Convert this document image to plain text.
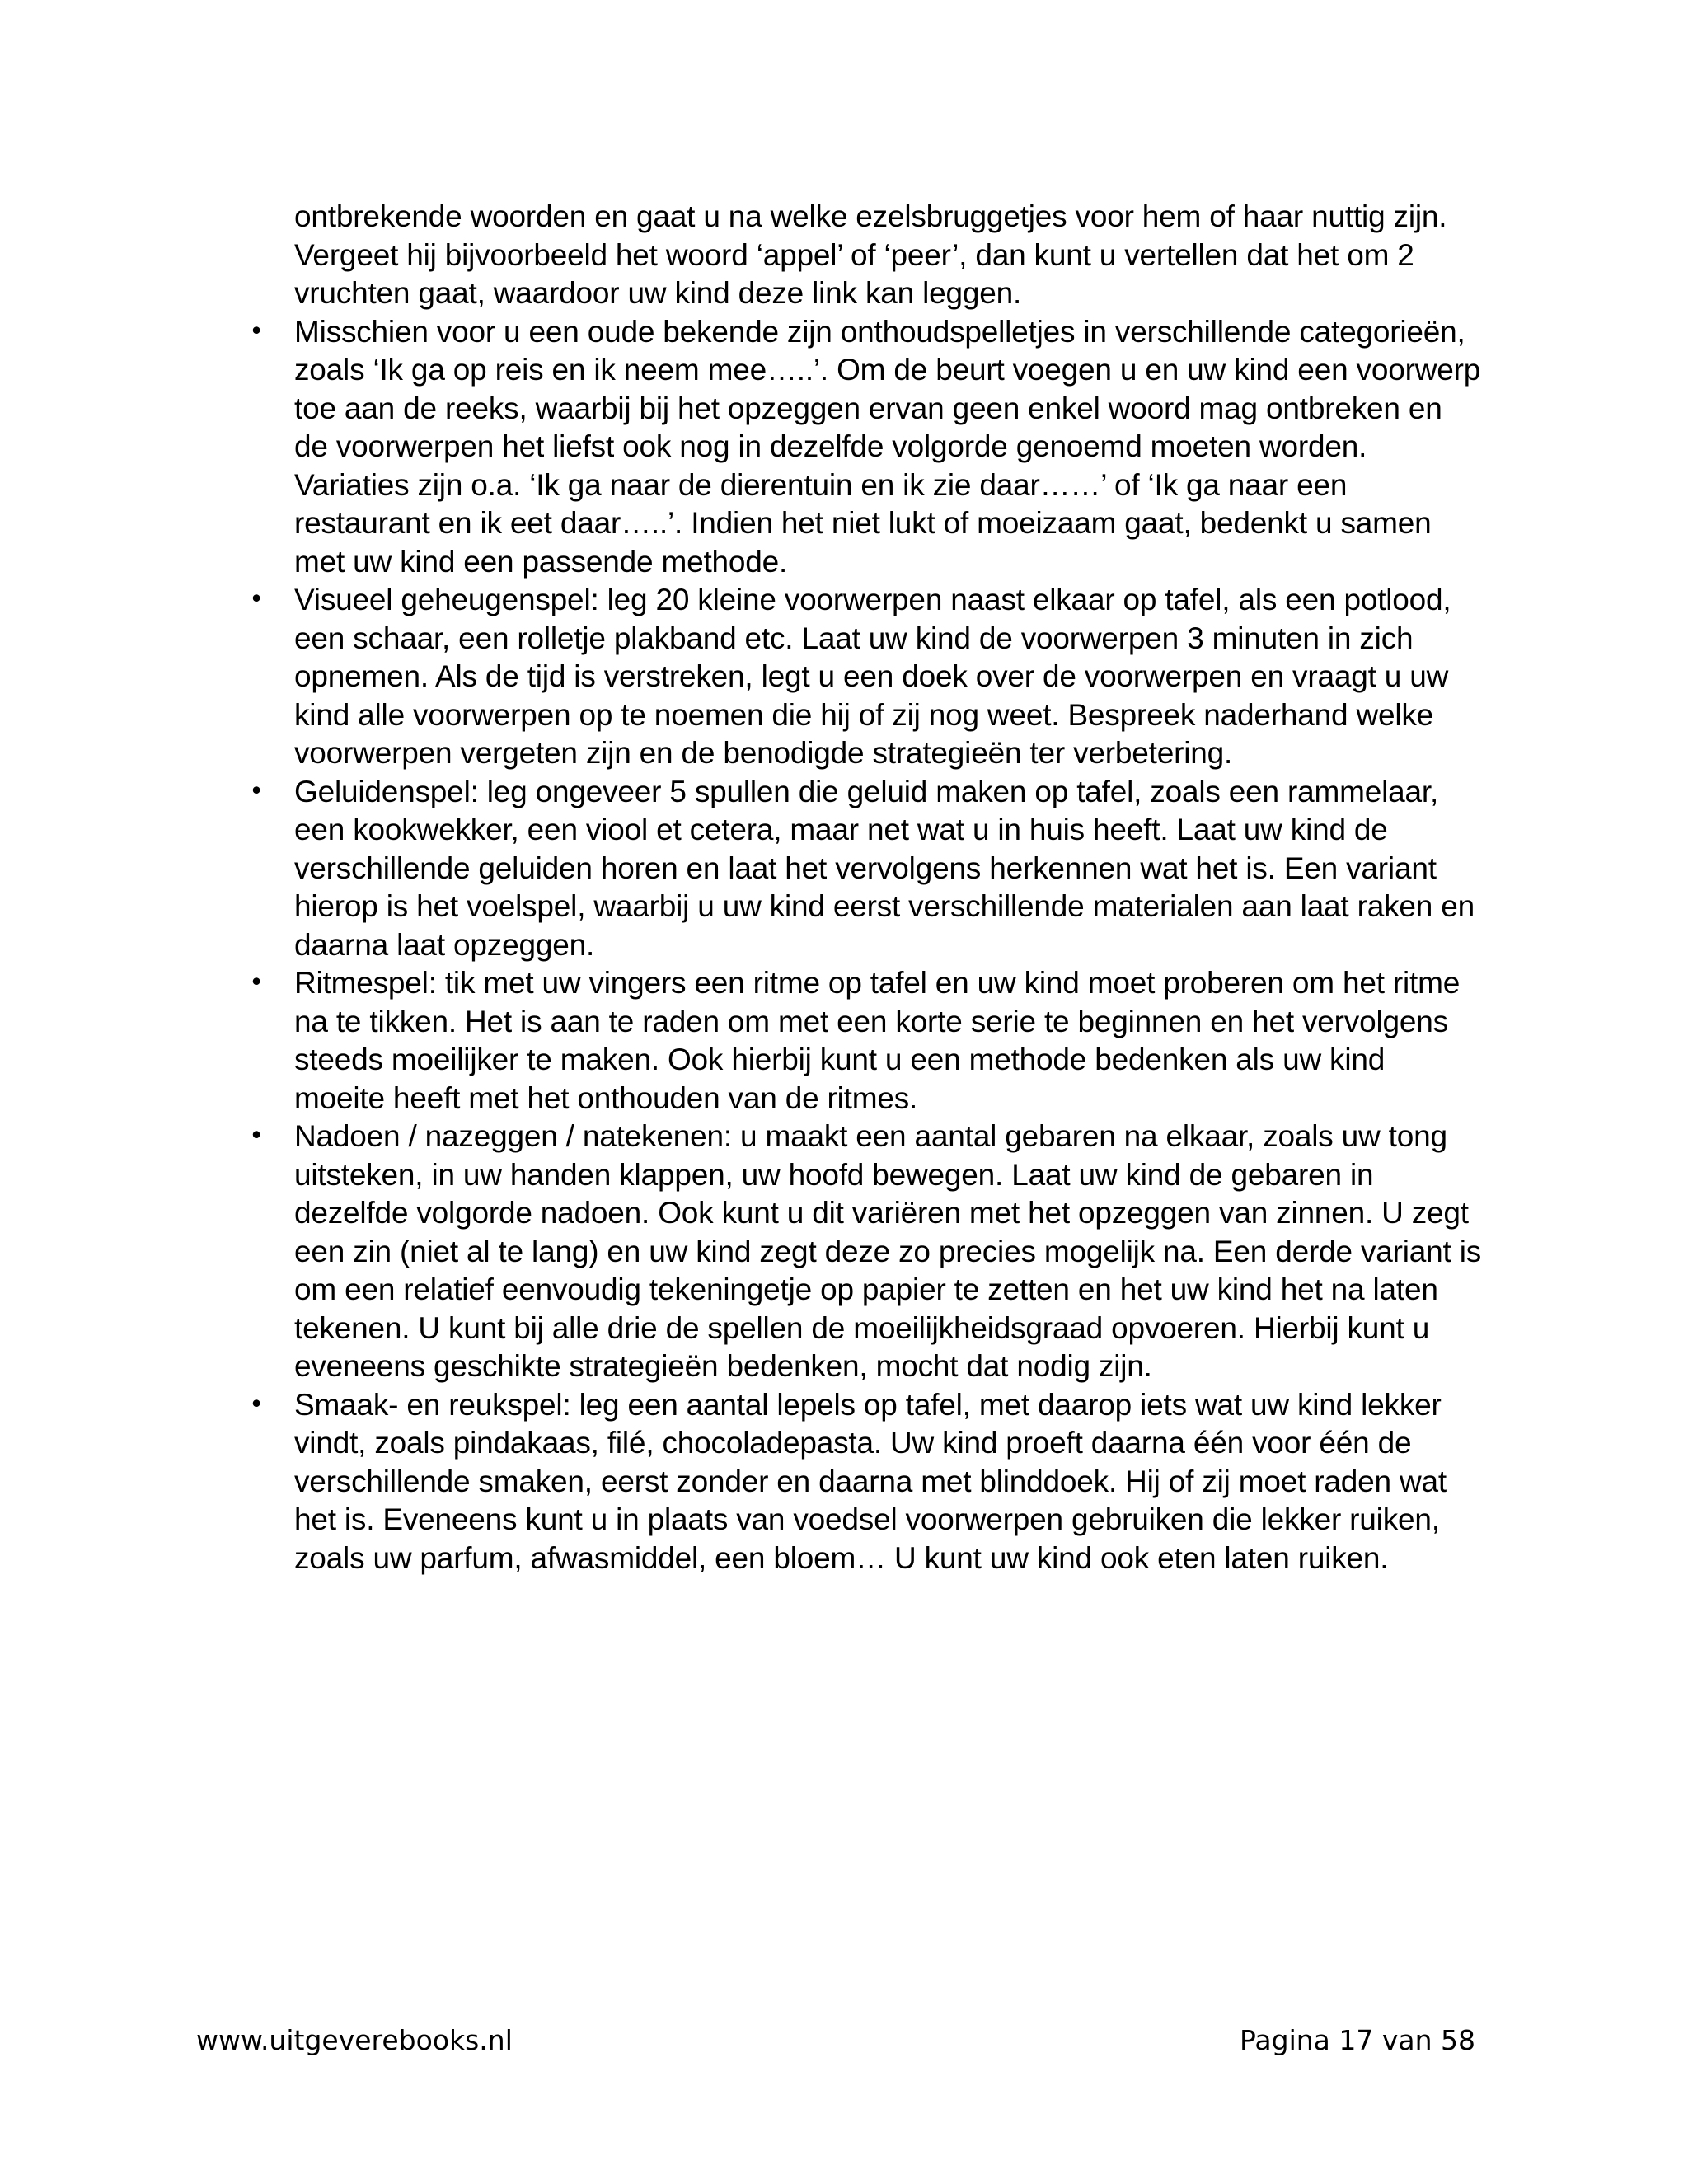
ontbrekende woorden en gaat u na welke ezelsbruggetjes voor hem of haar nuttig zijn. Vergeet hij bijvoorbeeld het woord ‘appel’ of ‘peer’, dan kunt u vertellen dat het om 2 vruchten gaat, waardoor uw kind deze link kan leggen.

• Misschien voor u een oude bekende zijn onthoudspelletjes in verschillende categorieën, zoals ‘Ik ga op reis en ik neem mee…..’. Om de beurt voegen u en uw kind een voorwerp toe aan de reeks, waarbij bij het opzeggen ervan geen enkel woord mag ontbreken en de voorwerpen het liefst ook nog in dezelfde volgorde genoemd moeten worden. Variaties zijn o.a. ‘Ik ga naar de dierentuin en ik zie daar……’ of ‘Ik ga naar een restaurant en ik eet daar…..’. Indien het niet lukt of moeizaam gaat, bedenkt u samen met uw kind een passende methode.
• Visueel geheugenspel: leg 20 kleine voorwerpen naast elkaar op tafel, als een potlood, een schaar, een rolletje plakband etc. Laat uw kind de voorwerpen 3 minuten in zich opnemen. Als de tijd is verstreken, legt u een doek over de voorwerpen en vraagt u uw kind alle voorwerpen op te noemen die hij of zij nog weet. Bespreek naderhand welke voorwerpen vergeten zijn en de benodigde strategieën ter verbetering.
• Geluidenspel: leg ongeveer 5 spullen die geluid maken op tafel, zoals een rammelaar, een kookwekker, een viool et cetera, maar net wat u in huis heeft. Laat uw kind de verschillende geluiden horen en laat het vervolgens herkennen wat het is. Een variant hierop is het voelspel, waarbij u uw kind eerst verschillende materialen aan laat raken en daarna laat opzeggen.
• Ritmespel: tik met uw vingers een ritme op tafel en uw kind moet proberen om het ritme na te tikken. Het is aan te raden om met een korte serie te beginnen en het vervolgens steeds moeilijker te maken. Ook hierbij kunt u een methode bedenken als uw kind moeite heeft met het onthouden van de ritmes.
• Nadoen / nazeggen / natekenen: u maakt een aantal gebaren na elkaar, zoals uw tong uitsteken, in uw handen klappen, uw hoofd bewegen. Laat uw kind de gebaren in dezelfde volgorde nadoen. Ook kunt u dit variëren met het opzeggen van zinnen. U zegt een zin (niet al te lang) en uw kind zegt deze zo precies mogelijk na. Een derde variant is om een relatief eenvoudig tekeningetje op papier te zetten en het uw kind het na laten tekenen. U kunt bij alle drie de spellen de moeilijkheidsgraad opvoeren. Hierbij kunt u eveneens geschikte strategieën bedenken, mocht dat nodig zijn.
• Smaak- en reukspel: leg een aantal lepels op tafel, met daarop iets wat uw kind lekker vindt, zoals pindakaas, filé, chocoladepasta. Uw kind proeft daarna één voor één de verschillende smaken, eerst zonder en daarna met blinddoek. Hij of zij moet raden wat het is. Eveneens kunt u in plaats van voedsel voorwerpen gebruiken die lekker ruiken, zoals uw parfum, afwasmiddel, een bloem… U kunt uw kind ook eten laten ruiken.
www.uitgeverebooks.nl	Pagina 17 van 58
